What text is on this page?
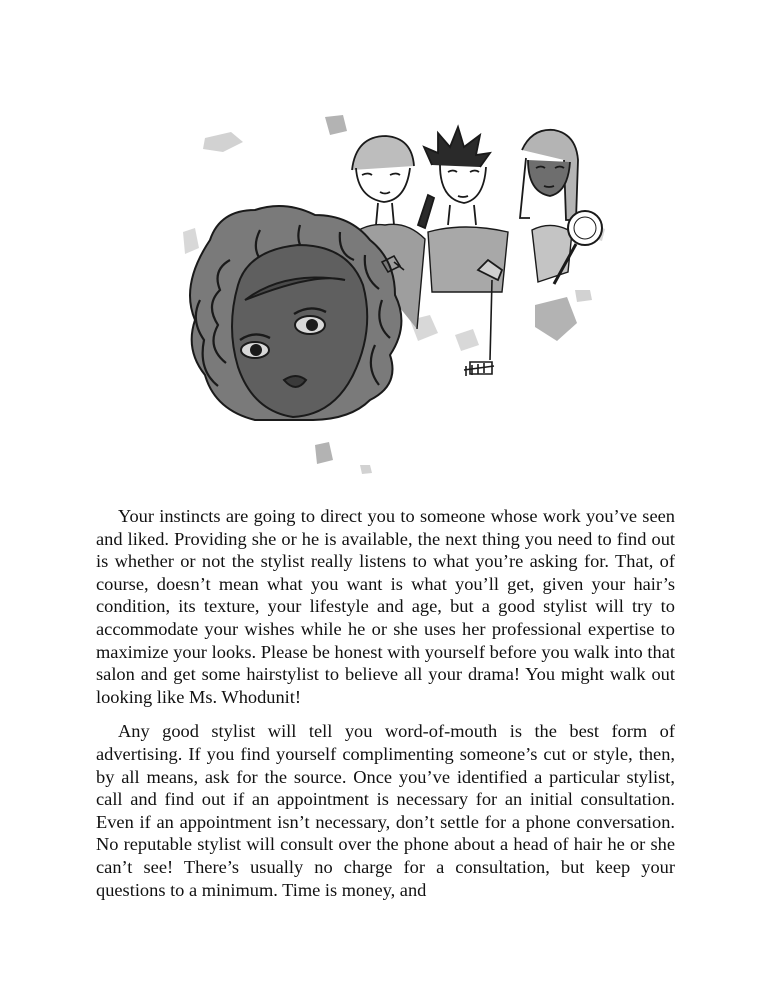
Your instincts are going to direct you to someone whose work you’ve seen and liked. Providing she or he is available, the next thing you need to find out is whether or not the stylist really listens to what you’re asking for. That, of course, doesn’t mean what you want is what you’ll get, given your hair’s condition, its texture, your lifestyle and age, but a good stylist will try to accommodate your wishes while he or she uses her professional expertise to maximize your looks. Please be honest with yourself before you walk into that salon and get some hairstylist to believe all your drama! You might walk out looking like Ms. Whodunit!

Any good stylist will tell you word-of-mouth is the best form of advertising. If you find yourself complimenting someone’s cut or style, then, by all means, ask for the source. Once you’ve identified a particular stylist, call and find out if an appointment is necessary for an initial consultation. Even if an appointment isn’t necessary, don’t settle for a phone conversation. No reputable stylist will consult over the phone about a head of hair he or she can’t see! There’s usually no charge for a consultation, but keep your questions to a minimum. Time is money, and
